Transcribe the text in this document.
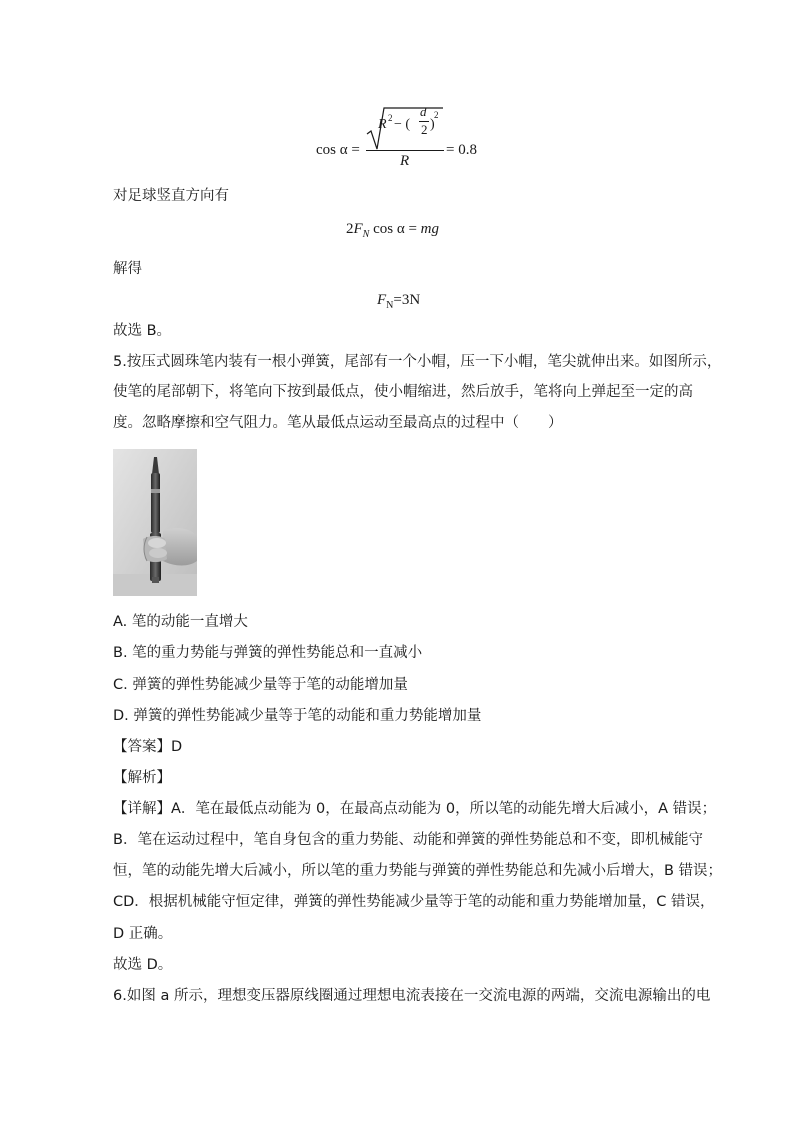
cos α =
R 2 − (
d
2 )
2
R
= 0.8
对足球竖直方向有
$2F_N$ cos α = mg
解得
$F_N=3N$
故选 B。
5.按压式圆珠笔内装有一根小弹簧，尾部有一个小帽，压一下小帽，笔尖就伸出来。如图所示，
使笔的尾部朝下，将笔向下按到最低点，使小帽缩进，然后放手，笔将向上弹起至一定的高
度。忽略摩擦和空气阻力。笔从最低点运动至最高点的过程中（　　）
A. 笔的动能一直增大
B. 笔的重力势能与弹簧的弹性势能总和一直减小
C. 弹簧的弹性势能减少量等于笔的动能增加量
D. 弹簧的弹性势能减少量等于笔的动能和重力势能增加量
【答案】D
【解析】
【详解】A．笔在最低点动能为 0，在最高点动能为 0，所以笔的动能先增大后减小，A 错误；
B．笔在运动过程中，笔自身包含的重力势能、动能和弹簧的弹性势能总和不变，即机械能守
恒，笔的动能先增大后减小，所以笔的重力势能与弹簧的弹性势能总和先减小后增大，B 错误；
CD．根据机械能守恒定律，弹簧的弹性势能减少量等于笔的动能和重力势能增加量，C 错误，
D 正确。
故选 D。
6.如图 a 所示，理想变压器原线圈通过理想电流表接在一交流电源的两端，交流电源输出的电
